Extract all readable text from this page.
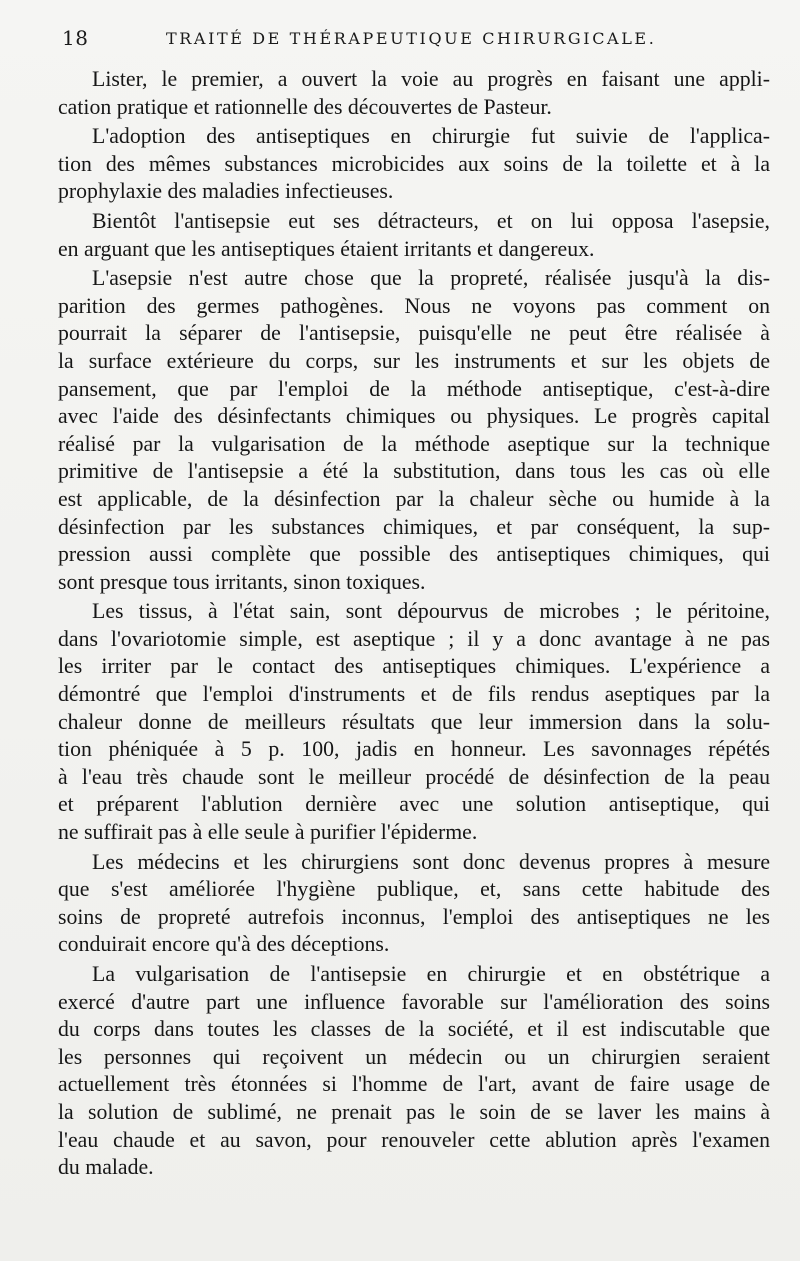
18	TRAITÉ DE THÉRAPEUTIQUE CHIRURGICALE.

Lister, le premier, a ouvert la voie au progrès en faisant une appli-
cation pratique et rationnelle des découvertes de Pasteur.

L'adoption des antiseptiques en chirurgie fut suivie de l'applica-
tion des mêmes substances microbicides aux soins de la toilette et à la
prophylaxie des maladies infectieuses.

Bientôt l'antisepsie eut ses détracteurs, et on lui opposa l'asepsie,
en arguant que les antiseptiques étaient irritants et dangereux.

L'asepsie n'est autre chose que la propreté, réalisée jusqu'à la dis-
parition des germes pathogènes. Nous ne voyons pas comment on
pourrait la séparer de l'antisepsie, puisqu'elle ne peut être réalisée à
la surface extérieure du corps, sur les instruments et sur les objets de
pansement, que par l'emploi de la méthode antiseptique, c'est-à-dire
avec l'aide des désinfectants chimiques ou physiques. Le progrès capital
réalisé par la vulgarisation de la méthode aseptique sur la technique
primitive de l'antisepsie a été la substitution, dans tous les cas où elle
est applicable, de la désinfection par la chaleur sèche ou humide à la
désinfection par les substances chimiques, et par conséquent, la sup-
pression aussi complète que possible des antiseptiques chimiques, qui
sont presque tous irritants, sinon toxiques.

Les tissus, à l'état sain, sont dépourvus de microbes ; le péritoine,
dans l'ovariotomie simple, est aseptique ; il y a donc avantage à ne pas
les irriter par le contact des antiseptiques chimiques. L'expérience a
démontré que l'emploi d'instruments et de fils rendus aseptiques par la
chaleur donne de meilleurs résultats que leur immersion dans la solu-
tion phéniquée à 5 p. 100, jadis en honneur. Les savonnages répétés
à l'eau très chaude sont le meilleur procédé de désinfection de la peau
et préparent l'ablution dernière avec une solution antiseptique, qui
ne suffirait pas à elle seule à purifier l'épiderme.

Les médecins et les chirurgiens sont donc devenus propres à mesure
que s'est améliorée l'hygiène publique, et, sans cette habitude des
soins de propreté autrefois inconnus, l'emploi des antiseptiques ne les
conduirait encore qu'à des déceptions.

La vulgarisation de l'antisepsie en chirurgie et en obstétrique a
exercé d'autre part une influence favorable sur l'amélioration des soins
du corps dans toutes les classes de la société, et il est indiscutable que
les personnes qui reçoivent un médecin ou un chirurgien seraient
actuellement très étonnées si l'homme de l'art, avant de faire usage de
la solution de sublimé, ne prenait pas le soin de se laver les mains à
l'eau chaude et au savon, pour renouveler cette ablution après l'examen
du malade.
